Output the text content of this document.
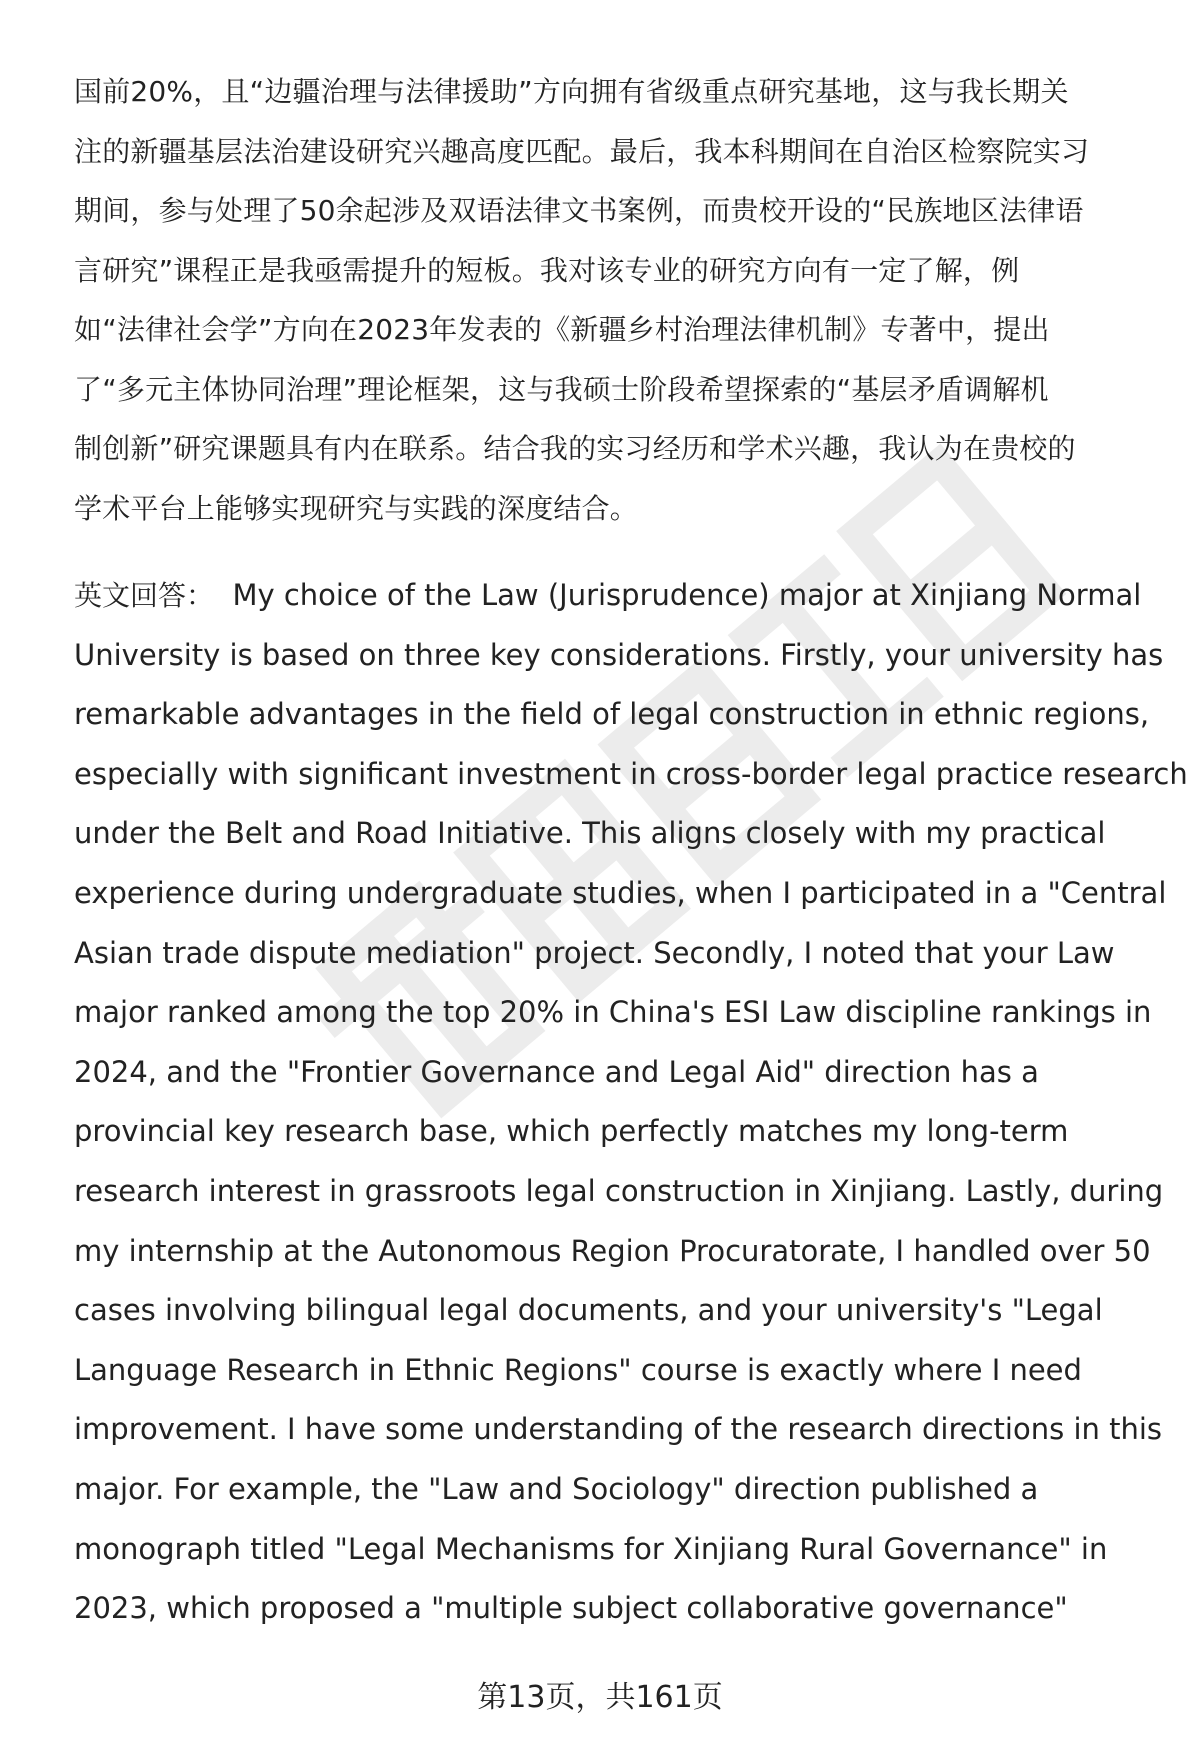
国前20%，且“边疆治理与法律援助”方向拥有省级重点研究基地，这与我长期关
注的新疆基层法治建设研究兴趣高度匹配。最后，我本科期间在自治区检察院实习
期间，参与处理了50余起涉及双语法律文书案例，而贵校开设的“民族地区法律语
言研究”课程正是我亟需提升的短板。我对该专业的研究方向有一定了解，例
如“法律社会学”方向在2023年发表的《新疆乡村治理法律机制》专著中，提出
了“多元主体协同治理”理论框架，这与我硕士阶段希望探索的“基层矛盾调解机
制创新”研究课题具有内在联系。结合我的实习经历和学术兴趣，我认为在贵校的
学术平台上能够实现研究与实践的深度结合。
英文回答： My choice of the Law (Jurisprudence) major at Xinjiang Normal
University is based on three key considerations. Firstly, your university has
remarkable advantages in the field of legal construction in ethnic regions,
especially with significant investment in cross-border legal practice research
under the Belt and Road Initiative. This aligns closely with my practical
experience during undergraduate studies, when I participated in a "Central
Asian trade dispute mediation" project. Secondly, I noted that your Law
major ranked among the top 20% in China's ESI Law discipline rankings in
2024, and the "Frontier Governance and Legal Aid" direction has a
provincial key research base, which perfectly matches my long-term
research interest in grassroots legal construction in Xinjiang. Lastly, during
my internship at the Autonomous Region Procuratorate, I handled over 50
cases involving bilingual legal documents, and your university's "Legal
Language Research in Ethnic Regions" course is exactly where I need
improvement. I have some understanding of the research directions in this
major. For example, the "Law and Sociology" direction published a
monograph titled "Legal Mechanisms for Xinjiang Rural Governance" in
2023, which proposed a "multiple subject collaborative governance"
第13页，共161页
